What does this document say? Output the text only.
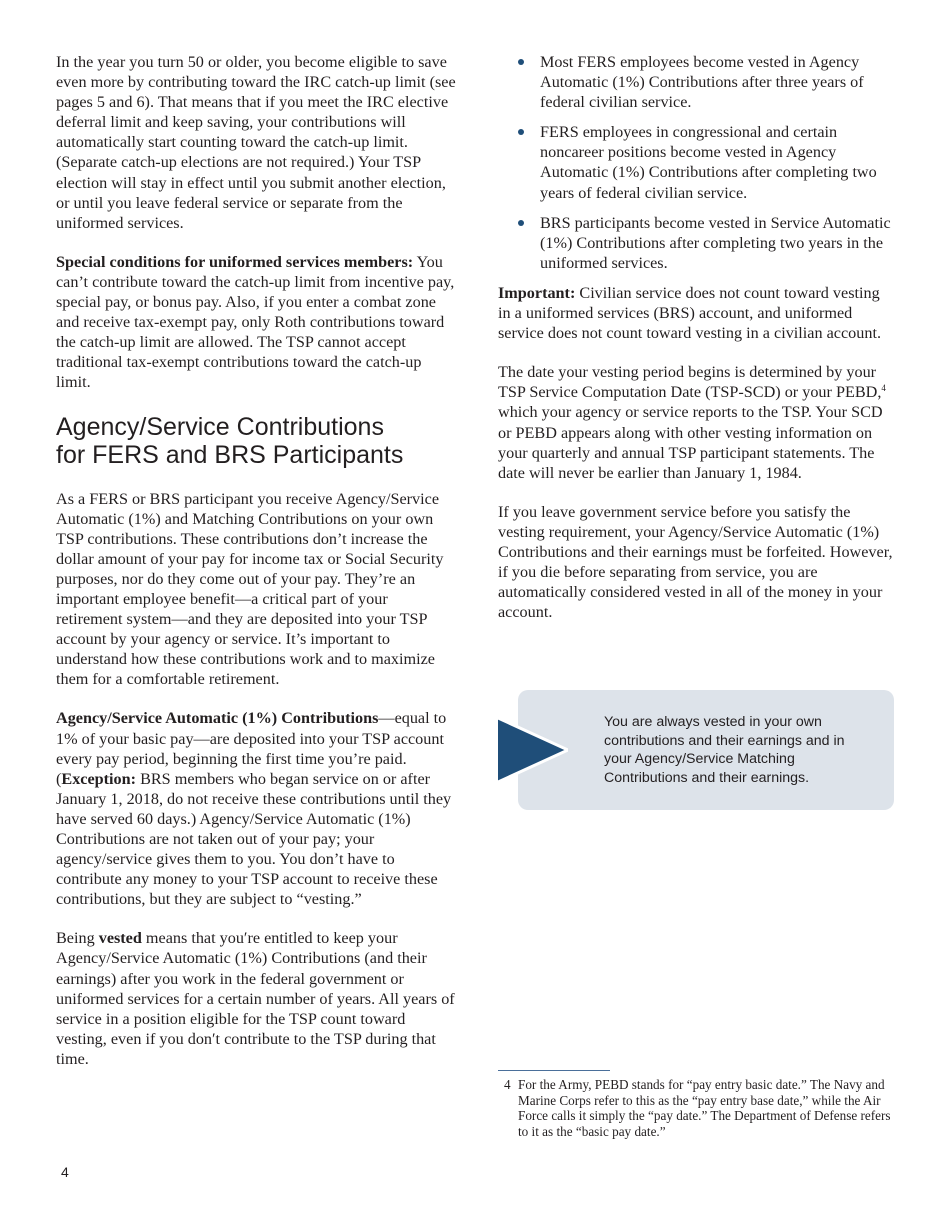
In the year you turn 50 or older, you become eligible to save even more by contributing toward the IRC catch-up limit (see pages 5 and 6). That means that if you meet the IRC elective deferral limit and keep saving, your contributions will automatically start counting toward the catch-up limit. (Separate catch-up elections are not required.) Your TSP election will stay in effect until you submit another election, or until you leave federal service or separate from the uniformed services.

Special conditions for uniformed services members: You can’t contribute toward the catch-up limit from incentive pay, special pay, or bonus pay. Also, if you enter a combat zone and receive tax-exempt pay, only Roth contributions toward the catch-up limit are allowed. The TSP cannot accept traditional tax-exempt contributions toward the catch-up limit.

Agency/Service Contributions
for FERS and BRS Participants

As a FERS or BRS participant you receive Agency/Service Automatic (1%) and Matching Contributions on your own TSP contributions. These contributions don’t increase the dollar amount of your pay for income tax or Social Security purposes, nor do they come out of your pay. They’re an important employee benefit—a critical part of your retirement system—and they are deposited into your TSP account by your agency or service. It’s important to understand how these contributions work and to maximize them for a comfortable retirement.

Agency/Service Automatic (1%) Contributions—equal to 1% of your basic pay—are deposited into your TSP account every pay period, beginning the first time you’re paid. (Exception: BRS members who began service on or after January 1, 2018, do not receive these contributions until they have served 60 days.) Agency/Service Automatic (1%) Contributions are not taken out of your pay; your agency/service gives them to you. You don’t have to contribute any money to your TSP account to receive these contributions, but they are subject to “vesting.”

Being vested means that you′re entitled to keep your Agency/Service Automatic (1%) Contributions (and their earnings) after you work in the federal government or uniformed services for a certain number of years. All years of service in a position eligible for the TSP count toward vesting, even if you don′t contribute to the TSP during that time.

Most FERS employees become vested in Agency Automatic (1%) Contributions after three years of federal civilian service.
FERS employees in congressional and certain noncareer positions become vested in Agency Automatic (1%) Contributions after completing two years of federal civilian service.
BRS participants become vested in Service Automatic (1%) Contributions after completing two years in the uniformed services.

Important: Civilian service does not count toward vesting in a uniformed services (BRS) account, and uniformed service does not count toward vesting in a civilian account.

The date your vesting period begins is determined by your TSP Service Computation Date (TSP-SCD) or your PEBD,$^4$ which your agency or service reports to the TSP. Your SCD or PEBD appears along with other vesting information on your quarterly and annual TSP participant statements. The date will never be earlier than January 1, 1984.

If you leave government service before you satisfy the vesting requirement, your Agency/Service Automatic (1%) Contributions and their earnings must be forfeited. However, if you die before separating from service, you are automatically considered vested in all of the money in your account.

You are always vested in your own contributions and their earnings and in your Agency/Service Matching Contributions and their earnings.
4 For the Army, PEBD stands for “pay entry basic date.” The Navy and Marine Corps refer to this as the “pay entry base date,” while the Air Force calls it simply the “pay date.” The Department of Defense refers to it as the “basic pay date.”
4
